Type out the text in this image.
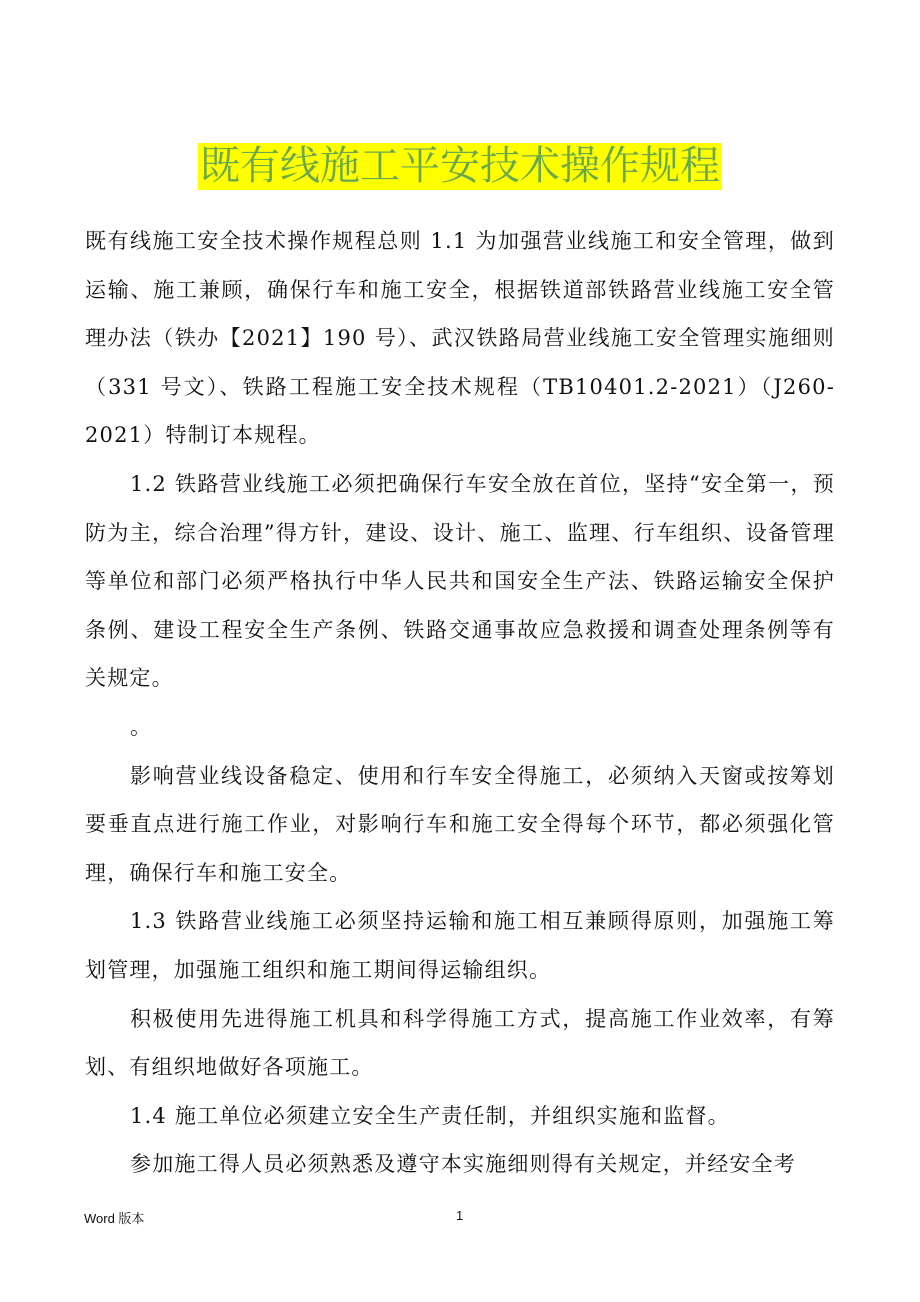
既有线施工平安技术操作规程

既有线施工安全技术操作规程总则 1.1 为加强营业线施工和安全管理，做到运输、施工兼顾，确保行车和施工安全，根据铁道部铁路营业线施工安全管理办法（铁办【2021】190 号）、武汉铁路局营业线施工安全管理实施细则（331 号文）、铁路工程施工安全技术规程（TB10401.2-2021）（J260-2021）特制订本规程。

1.2 铁路营业线施工必须把确保行车安全放在首位，坚持“安全第一，预防为主，综合治理”得方针，建设、设计、施工、监理、行车组织、设备管理等单位和部门必须严格执行中华人民共和国安全生产法、铁路运输安全保护条例、建设工程安全生产条例、铁路交通事故应急救援和调查处理条例等有关规定。

。

影响营业线设备稳定、使用和行车安全得施工，必须纳入天窗或按筹划要垂直点进行施工作业，对影响行车和施工安全得每个环节，都必须强化管理，确保行车和施工安全。

1.3 铁路营业线施工必须坚持运输和施工相互兼顾得原则，加强施工筹划管理，加强施工组织和施工期间得运输组织。

积极使用先进得施工机具和科学得施工方式，提高施工作业效率，有筹划、有组织地做好各项施工。

1.4 施工单位必须建立安全生产责任制，并组织实施和监督。

参加施工得人员必须熟悉及遵守本实施细则得有关规定，并经安全考

Word 版本	1
